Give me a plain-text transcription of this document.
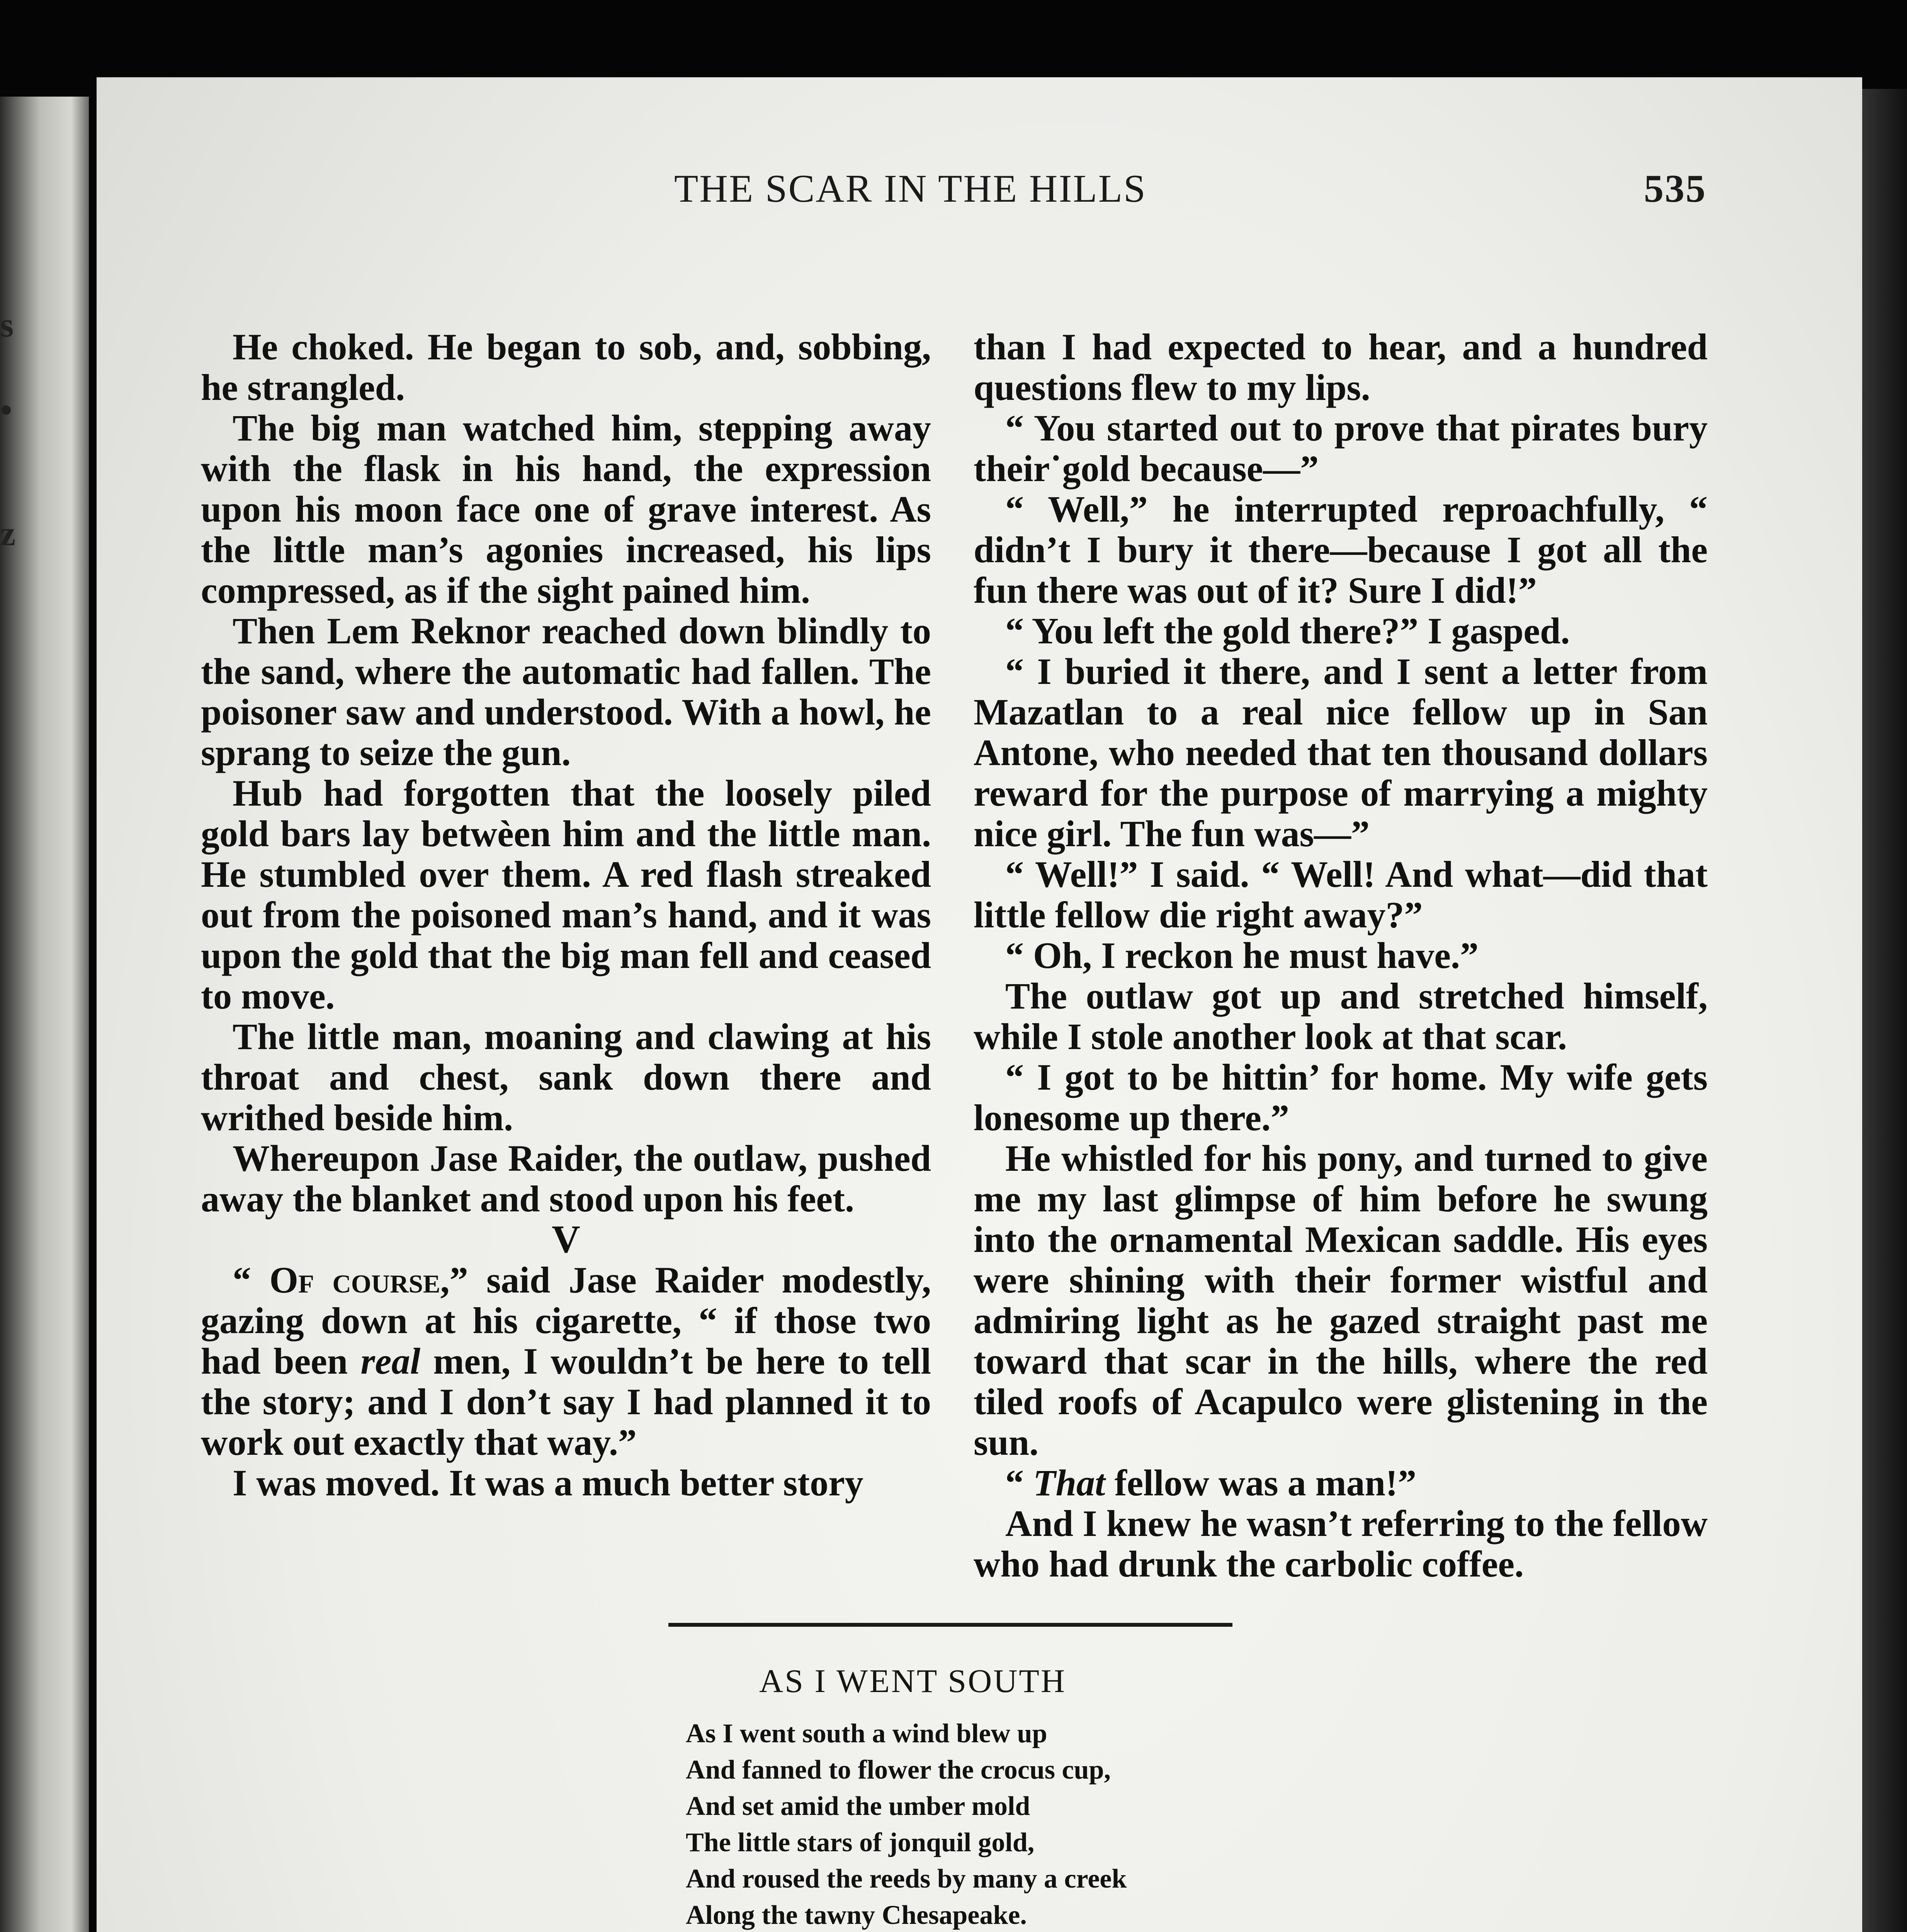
s
•
z
THE SCAR IN THE HILLS	535

He choked. He began to sob, and, sobbing, he strangled.

The big man watched him, stepping away with the flask in his hand, the expression upon his moon face one of grave interest. As the little man’s agonies increased, his lips compressed, as if the sight pained him.

Then Lem Reknor reached down blindly to the sand, where the automatic had fallen. The poisoner saw and understood. With a howl, he sprang to seize the gun.

Hub had forgotten that the loosely piled gold bars lay betwèen him and the little man. He stumbled over them. A red flash streaked out from the poisoned man’s hand, and it was upon the gold that the big man fell and ceased to move.

The little man, moaning and clawing at his throat and chest, sank down there and writhed beside him.

Whereupon Jase Raider, the outlaw, pushed away the blanket and stood upon his feet.

V

“ Of course,” said Jase Raider modestly, gazing down at his cigarette, “ if those two had been real men, I wouldn’t be here to tell the story; and I don’t say I had planned it to work out exactly that way.”

I was moved. It was a much better story

than I had expected to hear, and a hundred questions flew to my lips.

“ You started out to prove that pirates bury their˙gold because—”

“ Well,” he interrupted reproachfully, “ didn’t I bury it there—because I got all the fun there was out of it? Sure I did!”

“ You left the gold there?” I gasped.

“ I buried it there, and I sent a letter from Mazatlan to a real nice fellow up in San Antone, who needed that ten thousand dollars reward for the purpose of marrying a mighty nice girl. The fun was—”

“ Well!” I said. “ Well! And what—did that little fellow die right away?”

“ Oh, I reckon he must have.”

The outlaw got up and stretched himself, while I stole another look at that scar.

“ I got to be hittin’ for home. My wife gets lonesome up there.”

He whistled for his pony, and turned to give me my last glimpse of him before he swung into the ornamental Mexican saddle. His eyes were shining with their former wistful and admiring light as he gazed straight past me toward that scar in the hills, where the red tiled roofs of Acapulco were glistening in the sun.

“ That fellow was a man!”

And I knew he wasn’t referring to the fellow who had drunk the carbolic coffee.

AS I WENT SOUTH
As I went south a wind blew up
And fanned to flower the crocus cup,
And set amid the umber mold
The little stars of jonquil gold,
And roused the reeds by many a creek
Along the tawny Chesapeake.
